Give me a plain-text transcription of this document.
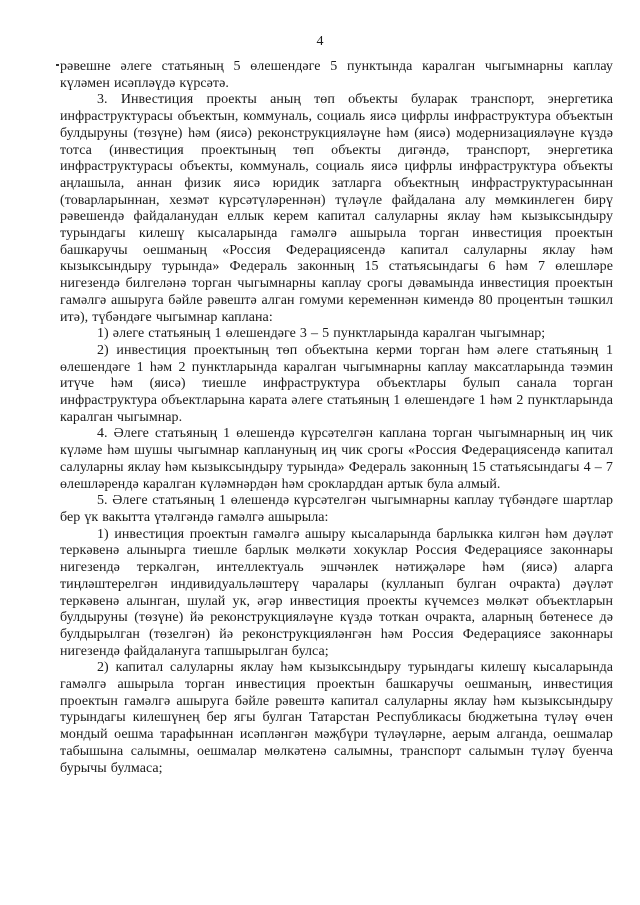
4

рәвешне әлеге статьяның 5 өлешендәге 5 пунктында каралган чыгымнарны каплау күләмен исәпләүдә күрсәтә.

3. Инвестиция проекты аның төп объекты буларак транспорт, энергетика инфраструктурасы объектын, коммуналь, социаль яисә цифрлы инфраструктура объектын булдыруны (төзүне) һәм (яисә) реконструкцияләүне һәм (яисә) модернизацияләүне күздә тотса (инвестиция проектының төп объекты дигәндә, транспорт, энергетика инфраструктурасы объекты, коммуналь, социаль яисә цифрлы инфраструктура объекты аңлашыла, аннан физик яисә юридик затларга объектның инфраструктурасыннан (товарларыннан, хезмәт күрсәтүләреннән) түләүле файдалана алу мөмкинлеген бирү рәвешендә файдаланудан еллык керем капитал салуларны яклау һәм кызыксындыру турындагы килешү кысаларында гамәлгә ашырыла торган инвестиция проектын башкаручы оешманың «Россия Федерациясендә капитал салуларны яклау һәм кызыксындыру турында» Федераль законның 15 статьясындагы 6 һәм 7 өлешләре нигезендә билгеләнә торган чыгымнарны каплау срогы дәвамында инвестиция проектын гамәлгә ашыруга бәйле рәвештә алган гомуми кеременнән кимендә 80 процентын тәшкил итә), түбәндәге чыгымнар каплана:

1) әлеге статьяның 1 өлешендәге 3 – 5 пунктларында каралган чыгымнар;

2) инвестиция проектының төп объектына керми торган һәм әлеге статьяның 1 өлешендәге 1 һәм 2 пунктларында каралган чыгымнарны каплау максатларында тәэмин итүче һәм (яисә) тиешле инфраструктура объектлары булып санала торган инфраструктура объектларына карата әлеге статьяның 1 өлешендәге 1 һәм 2 пунктларында каралган чыгымнар.

4. Әлеге статьяның 1 өлешендә күрсәтелгән каплана торган чыгымнарның иң чик күләме һәм шушы чыгымнар каплануның иң чик срогы «Россия Федерациясендә капитал салуларны яклау һәм кызыксындыру турында» Федераль законның 15 статьясындагы 4 – 7 өлешләрендә каралган күләмнәрдән һәм срокларддан артык була алмый.

5. Әлеге статьяның 1 өлешендә күрсәтелгән чыгымнарны каплау түбәндәге шартлар бер үк вакытта үтәлгәндә гамәлгә ашырыла:

1) инвестиция проектын гамәлгә ашыру кысаларында барлыкка килгән һәм дәүләт теркәвенә алынырга тиешле барлык мөлкәти хокуклар Россия Федерациясе законнары нигезендә теркәлгән, интеллектуаль эшчәнлек нәтиҗәләре һәм (яисә) аларга тиңләштерелгән индивидуальләштерү чаралары (кулланып булган очракта) дәүләт теркәвенә алынган, шулай ук, әгәр инвестиция проекты күчемсез мөлкәт объектларын булдыруны (төзүне) йә реконструкцияләүне күздә тоткан очракта, аларның бөтенесе дә булдырылган (төзелгән) йә реконструкцияләнгән һәм Россия Федерациясе законнары нигезендә файдалануга тапшырылган булса;

2) капитал салуларны яклау һәм кызыксындыру турындагы килешү кысаларында гамәлгә ашырыла торган инвестиция проектын башкаручы оешманың, инвестиция проектын гамәлгә ашыруга бәйле рәвештә капитал салуларны яклау һәм кызыксындыру турындагы килешүнең бер ягы булган Татарстан Республикасы бюджетына түләү өчен мондый оешма тарафыннан исәпләнгән мәҗбүри түләүләрне, аерым алганда, оешмалар табышына салымны, оешмалар мөлкәтенә салымны, транспорт салымын түләү буенча бурычы булмаса;
